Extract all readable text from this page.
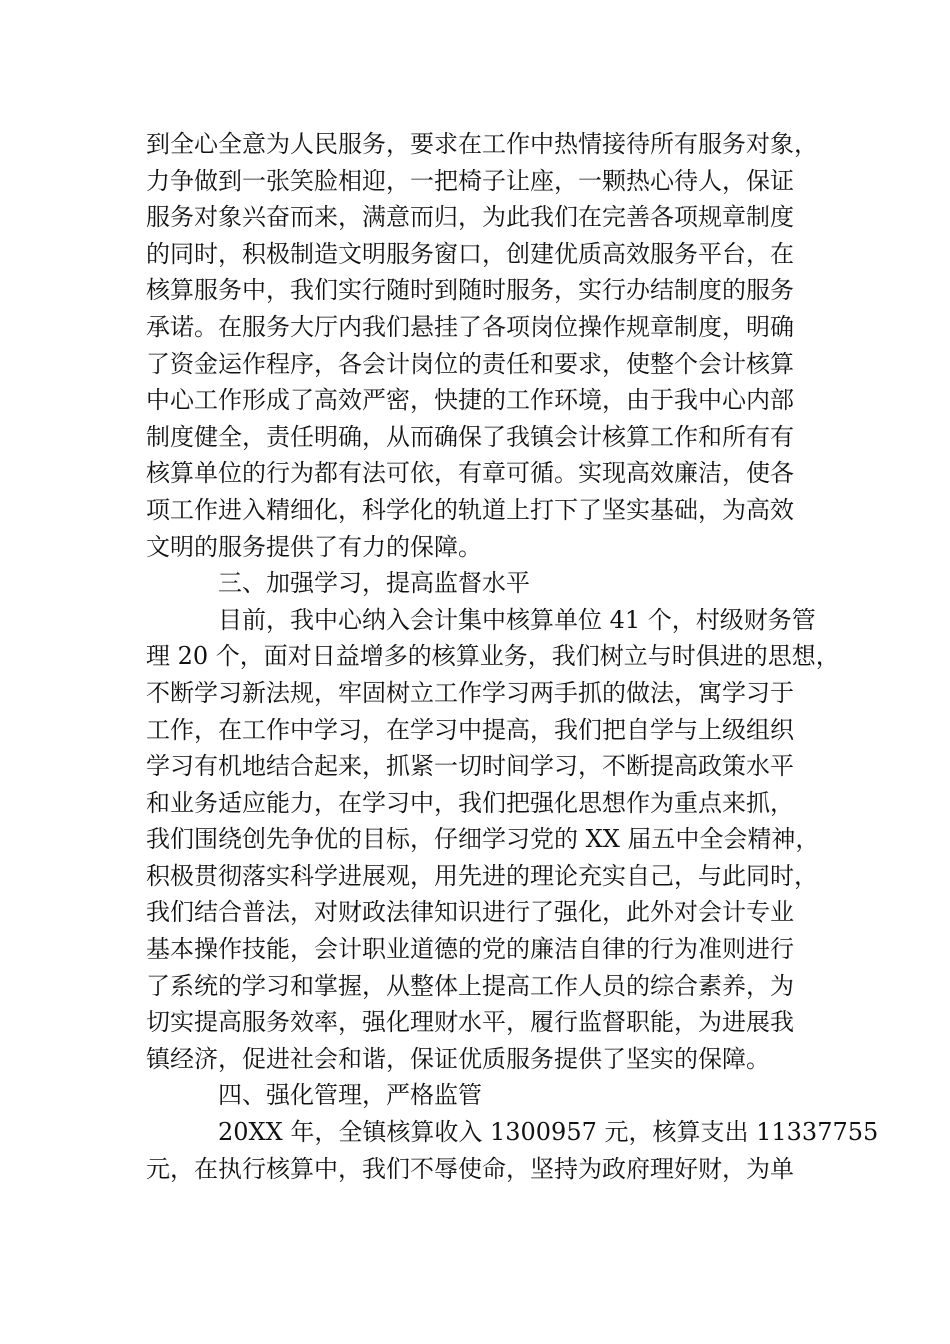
到全心全意为人民服务，要求在工作中热情接待所有服务对象，
力争做到一张笑脸相迎，一把椅子让座，一颗热心待人，保证
服务对象兴奋而来，满意而归，为此我们在完善各项规章制度
的同时，积极制造文明服务窗口，创建优质高效服务平台，在
核算服务中，我们实行随时到随时服务，实行办结制度的服务
承诺。在服务大厅内我们悬挂了各项岗位操作规章制度，明确
了资金运作程序，各会计岗位的责任和要求，使整个会计核算
中心工作形成了高效严密，快捷的工作环境，由于我中心内部
制度健全，责任明确，从而确保了我镇会计核算工作和所有有
核算单位的行为都有法可依，有章可循。实现高效廉洁，使各
项工作进入精细化，科学化的轨道上打下了坚实基础，为高效
文明的服务提供了有力的保障。
三、加强学习，提高监督水平
目前，我中心纳入会计集中核算单位 41 个，村级财务管
理 20 个，面对日益增多的核算业务，我们树立与时俱进的思想，
不断学习新法规，牢固树立工作学习两手抓的做法，寓学习于
工作，在工作中学习，在学习中提高，我们把自学与上级组织
学习有机地结合起来，抓紧一切时间学习，不断提高政策水平
和业务适应能力，在学习中，我们把强化思想作为重点来抓，
我们围绕创先争优的目标，仔细学习党的 XX 届五中全会精神，
积极贯彻落实科学进展观，用先进的理论充实自己，与此同时，
我们结合普法，对财政法律知识进行了强化，此外对会计专业
基本操作技能，会计职业道德的党的廉洁自律的行为准则进行
了系统的学习和掌握，从整体上提高工作人员的综合素养，为
切实提高服务效率，强化理财水平，履行监督职能，为进展我
镇经济，促进社会和谐，保证优质服务提供了坚实的保障。
四、强化管理，严格监管
20XX 年，全镇核算收入 1300957 元，核算支出 11337755
元，在执行核算中，我们不辱使命，坚持为政府理好财，为单
